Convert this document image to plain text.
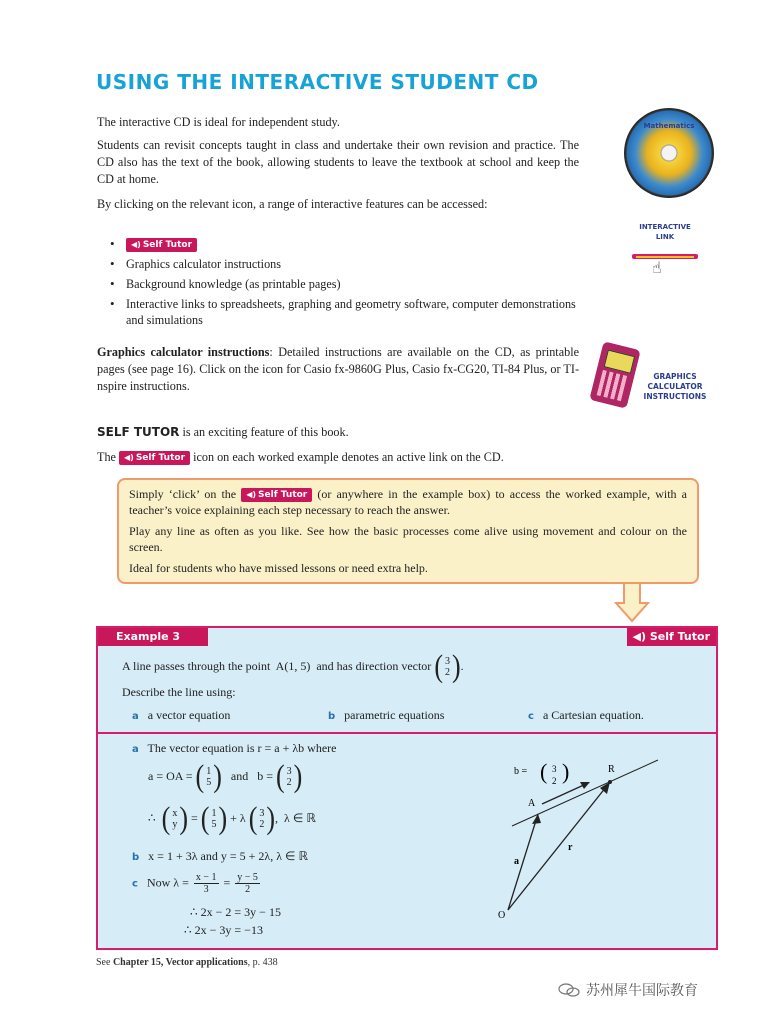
USING THE INTERACTIVE STUDENT CD
The interactive CD is ideal for independent study.
Students can revisit concepts taught in class and undertake their own revision and practice. The CD also has the text of the book, allowing students to leave the textbook at school and keep the CD at home.
By clicking on the relevant icon, a range of interactive features can be accessed:
• ◀) Self Tutor
• Graphics calculator instructions
• Background knowledge (as printable pages)
• Interactive links to spreadsheets, graphing and geometry software, computer demonstrations and simulations
Graphics calculator instructions: Detailed instructions are available on the CD, as printable pages (see page 16). Click on the icon for Casio fx-9860G Plus, Casio fx-CG20, TI-84 Plus, or TI-nspire instructions.
SELF TUTOR is an exciting feature of this book.
The ◀) Self Tutor icon on each worked example denotes an active link on the CD.
Mathematics
INTERACTIVE
LINK
☝
GRAPHICS
CALCULATOR
INSTRUCTIONS

Simply ‘click’ on the ◀) Self Tutor (or anywhere in the example box) to access the worked example, with a teacher’s voice explaining each step necessary to reach the answer.

Play any line as often as you like. See how the basic processes come alive using movement and colour on the screen.

Ideal for students who have missed lessons or need extra help.

Example 3	◀) Self Tutor
A line passes through the point A(1, 5) and has direction vector ( 3
2 ) .
Describe the line using:
a a vector equation	b parametric equations	c a Cartesian equation.
a The vector equation is r = a + λb where
a = OA = ( 1
5 ) and b = ( 3
2 )
∴ ( x
y ) = ( 1
5 ) + λ ( 3
2 ) ,  λ ∈ ℝ
b x = 1 + 3λ and y = 5 + 2λ, λ ∈ ℝ
c Now $\lambda = \frac{x - 1}{3} = \frac{y - 5}{2}$
∴ 2x − 2 = 3y − 15
∴ 2x − 3y = −13
b =	R
A
O
a
r
( 3
2 )
See Chapter 15, Vector applications, p. 438
苏州犀牛国际教育
